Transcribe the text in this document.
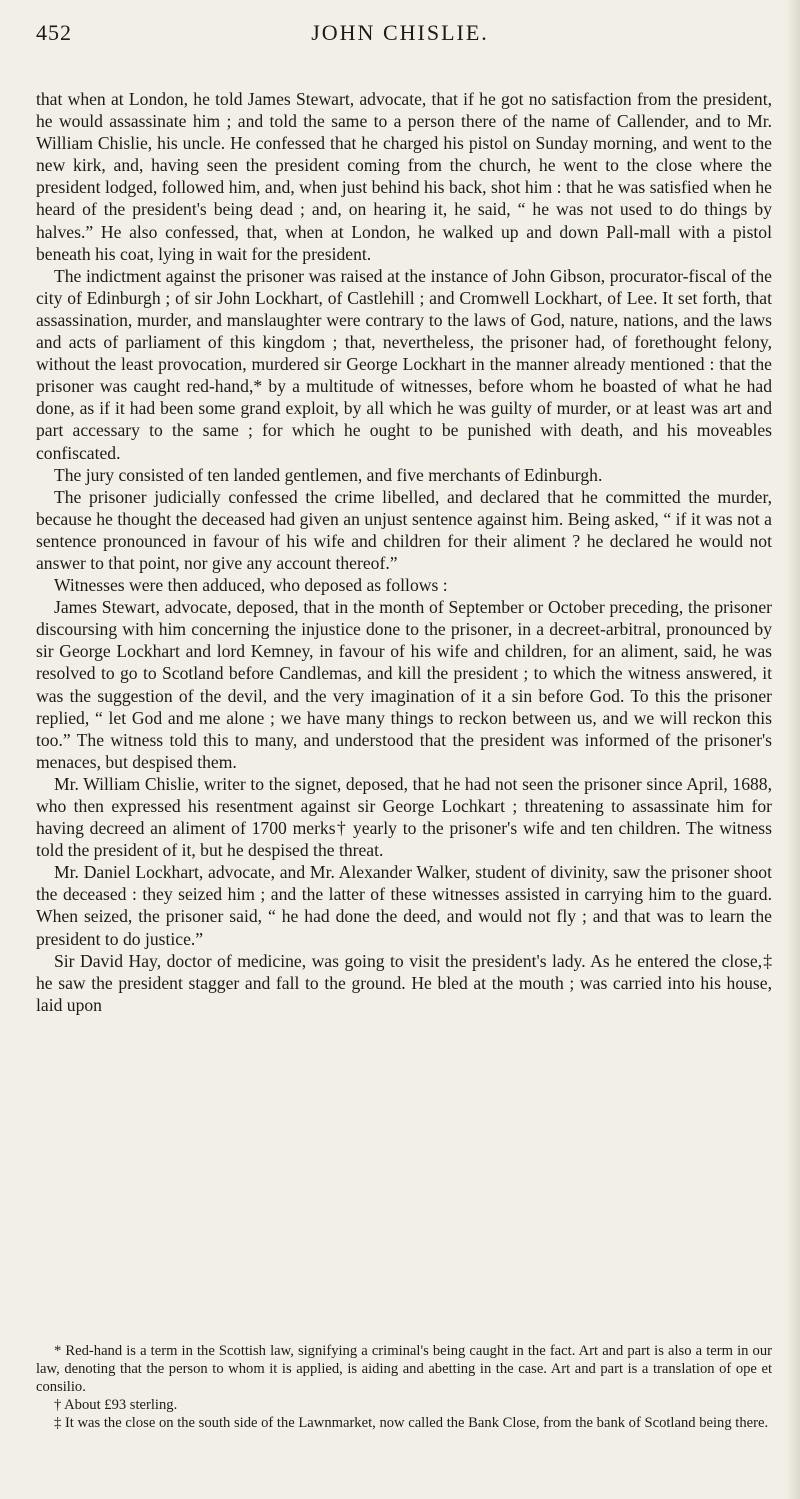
452	JOHN CHISLIE.

that when at London, he told James Stewart, advocate, that if he got no satisfaction from the president, he would assassinate him ; and told the same to a person there of the name of Callender, and to Mr. William Chislie, his uncle. He confessed that he charged his pistol on Sunday morning, and went to the new kirk, and, having seen the president coming from the church, he went to the close where the president lodged, followed him, and, when just behind his back, shot him : that he was satisfied when he heard of the president's being dead ; and, on hearing it, he said, “ he was not used to do things by halves.” He also confessed, that, when at London, he walked up and down Pall-mall with a pistol beneath his coat, lying in wait for the president.

The indictment against the prisoner was raised at the instance of John Gibson, procurator-fiscal of the city of Edinburgh ; of sir John Lockhart, of Castlehill ; and Cromwell Lockhart, of Lee. It set forth, that assassination, murder, and manslaughter were contrary to the laws of God, nature, nations, and the laws and acts of parliament of this kingdom ; that, nevertheless, the prisoner had, of forethought felony, without the least provocation, murdered sir George Lockhart in the manner already mentioned : that the prisoner was caught red-hand,* by a multitude of witnesses, before whom he boasted of what he had done, as if it had been some grand exploit, by all which he was guilty of murder, or at least was art and part accessary to the same ; for which he ought to be punished with death, and his moveables confiscated.

The jury consisted of ten landed gentlemen, and five merchants of Edinburgh.

The prisoner judicially confessed the crime libelled, and declared that he committed the murder, because he thought the deceased had given an unjust sentence against him. Being asked, “ if it was not a sentence pronounced in favour of his wife and children for their aliment ? he declared he would not answer to that point, nor give any account thereof.”

Witnesses were then adduced, who deposed as follows :

James Stewart, advocate, deposed, that in the month of September or October preceding, the prisoner discoursing with him concerning the injustice done to the prisoner, in a decreet-arbitral, pronounced by sir George Lockhart and lord Kemney, in favour of his wife and children, for an aliment, said, he was resolved to go to Scotland before Candlemas, and kill the president ; to which the witness answered, it was the suggestion of the devil, and the very imagination of it a sin before God. To this the prisoner replied, “ let God and me alone ; we have many things to reckon between us, and we will reckon this too.” The witness told this to many, and understood that the president was informed of the prisoner's menaces, but despised them.

Mr. William Chislie, writer to the signet, deposed, that he had not seen the prisoner since April, 1688, who then expressed his resentment against sir George Lochkart ; threatening to assassinate him for having decreed an aliment of 1700 merks† yearly to the prisoner's wife and ten children. The witness told the president of it, but he despised the threat.

Mr. Daniel Lockhart, advocate, and Mr. Alexander Walker, student of divinity, saw the prisoner shoot the deceased : they seized him ; and the latter of these witnesses assisted in carrying him to the guard. When seized, the prisoner said, “ he had done the deed, and would not fly ; and that was to learn the president to do justice.”

Sir David Hay, doctor of medicine, was going to visit the president's lady. As he entered the close,‡ he saw the president stagger and fall to the ground. He bled at the mouth ; was carried into his house, laid upon

* Red-hand is a term in the Scottish law, signifying a criminal's being caught in the fact. Art and part is also a term in our law, denoting that the person to whom it is applied, is aiding and abetting in the case. Art and part is a translation of ope et consilio.

† About £93 sterling.

‡ It was the close on the south side of the Lawnmarket, now called the Bank Close, from the bank of Scotland being there.
